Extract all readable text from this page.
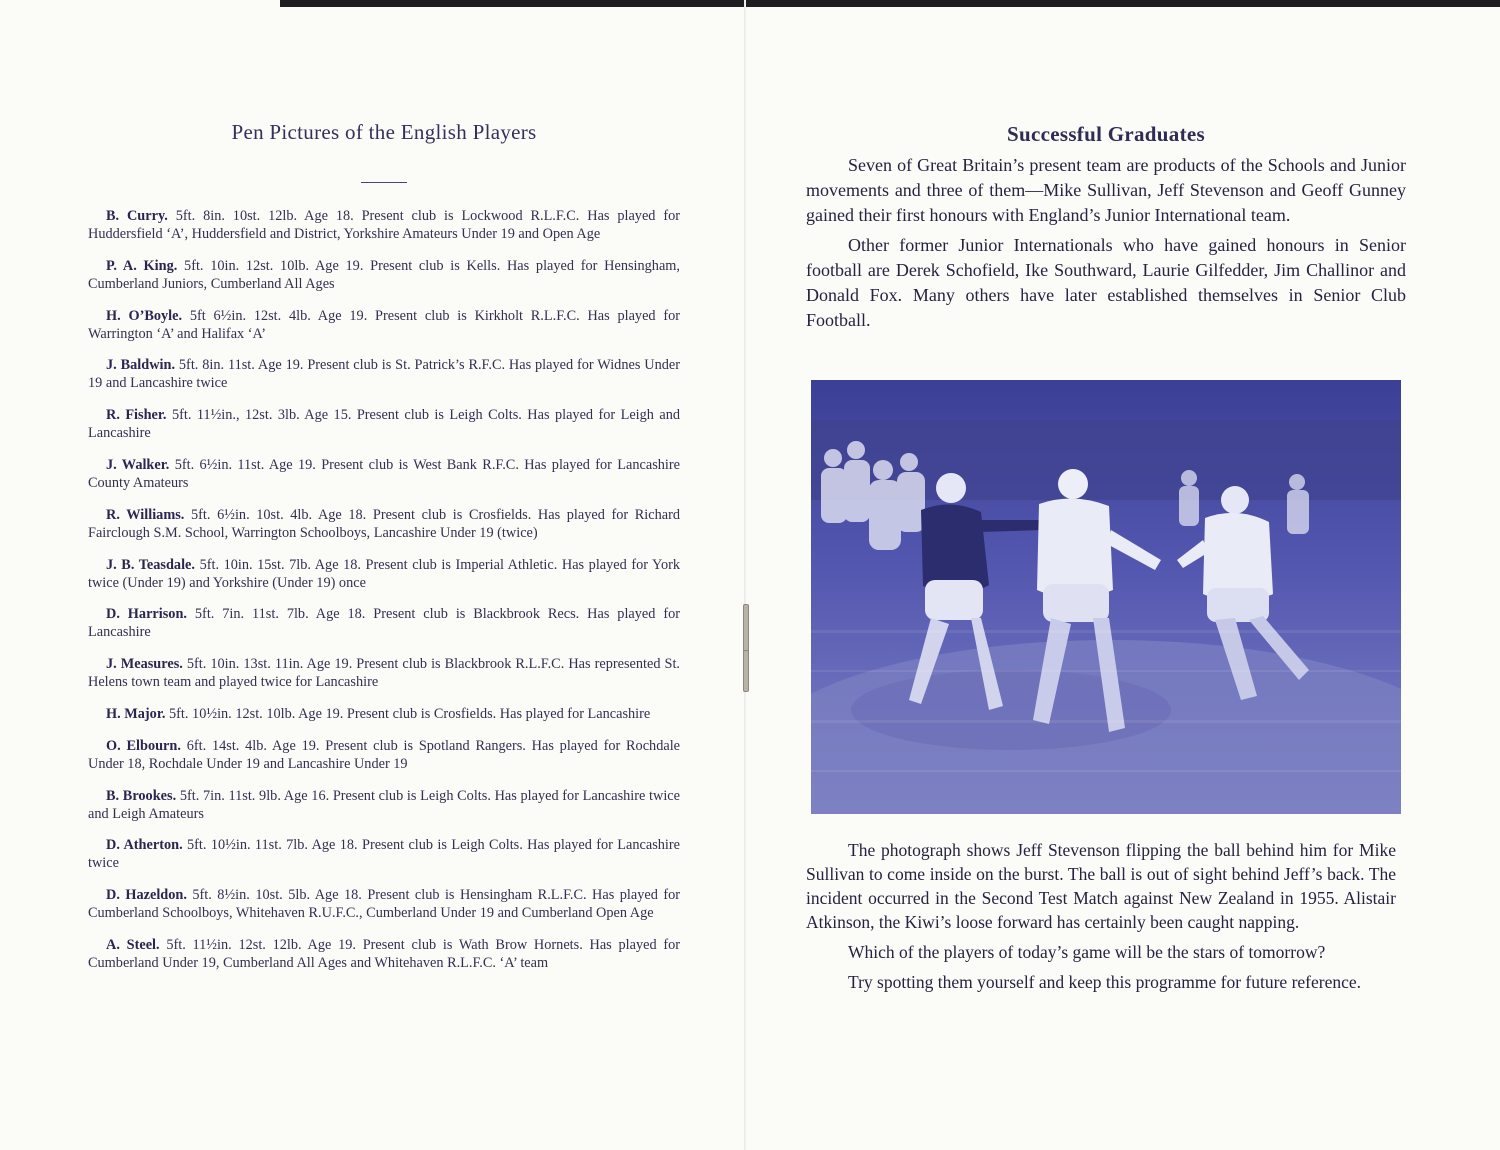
Pen Pictures of the English Players

B. Curry. 5ft. 8in. 10st. 12lb. Age 18. Present club is Lockwood R.L.F.C. Has played for Huddersfield ‘A’, Huddersfield and District, Yorkshire Amateurs Under 19 and Open Age

P. A. King. 5ft. 10in. 12st. 10lb. Age 19. Present club is Kells. Has played for Hensingham, Cumberland Juniors, Cumberland All Ages

H. O’Boyle. 5ft 6½in. 12st. 4lb. Age 19. Present club is Kirkholt R.L.F.C. Has played for Warrington ‘A’ and Halifax ‘A’

J. Baldwin. 5ft. 8in. 11st. Age 19. Present club is St. Patrick’s R.F.C. Has played for Widnes Under 19 and Lancashire twice

R. Fisher. 5ft. 11½in., 12st. 3lb. Age 15. Present club is Leigh Colts. Has played for Leigh and Lancashire

J. Walker. 5ft. 6½in. 11st. Age 19. Present club is West Bank R.F.C. Has played for Lancashire County Amateurs

R. Williams. 5ft. 6½in. 10st. 4lb. Age 18. Present club is Crosfields. Has played for Richard Fairclough S.M. School, Warrington Schoolboys, Lancashire Under 19 (twice)

J. B. Teasdale. 5ft. 10in. 15st. 7lb. Age 18. Present club is Imperial Athletic. Has played for York twice (Under 19) and Yorkshire (Under 19) once

D. Harrison. 5ft. 7in. 11st. 7lb. Age 18. Present club is Blackbrook Recs. Has played for Lancashire

J. Measures. 5ft. 10in. 13st. 11in. Age 19. Present club is Blackbrook R.L.F.C. Has represented St. Helens town team and played twice for Lancashire

H. Major. 5ft. 10½in. 12st. 10lb. Age 19. Present club is Crosfields. Has played for Lancashire

O. Elbourn. 6ft. 14st. 4lb. Age 19. Present club is Spotland Rangers. Has played for Rochdale Under 18, Rochdale Under 19 and Lancashire Under 19

B. Brookes. 5ft. 7in. 11st. 9lb. Age 16. Present club is Leigh Colts. Has played for Lancashire twice and Leigh Amateurs

D. Atherton. 5ft. 10½in. 11st. 7lb. Age 18. Present club is Leigh Colts. Has played for Lancashire twice

D. Hazeldon. 5ft. 8½in. 10st. 5lb. Age 18. Present club is Hensingham R.L.F.C. Has played for Cumberland Schoolboys, Whitehaven R.U.F.C., Cumberland Under 19 and Cumberland Open Age

A. Steel. 5ft. 11½in. 12st. 12lb. Age 19. Present club is Wath Brow Hornets. Has played for Cumberland Under 19, Cumberland All Ages and Whitehaven R.L.F.C. ‘A’ team

Successful Graduates

Seven of Great Britain’s present team are products of the Schools and Junior movements and three of them—Mike Sullivan, Jeff Stevenson and Geoff Gunney gained their first honours with England’s Junior International team.

Other former Junior Internationals who have gained honours in Senior football are Derek Schofield, Ike Southward, Laurie Gilfedder, Jim Challinor and Donald Fox. Many others have later established themselves in Senior Club Football.

The photograph shows Jeff Stevenson flipping the ball behind him for Mike Sullivan to come inside on the burst. The ball is out of sight behind Jeff’s back. The incident occurred in the Second Test Match against New Zealand in 1955. Alistair Atkinson, the Kiwi’s loose forward has certainly been caught napping.

Which of the players of today’s game will be the stars of tomorrow?

Try spotting them yourself and keep this programme for future reference.
